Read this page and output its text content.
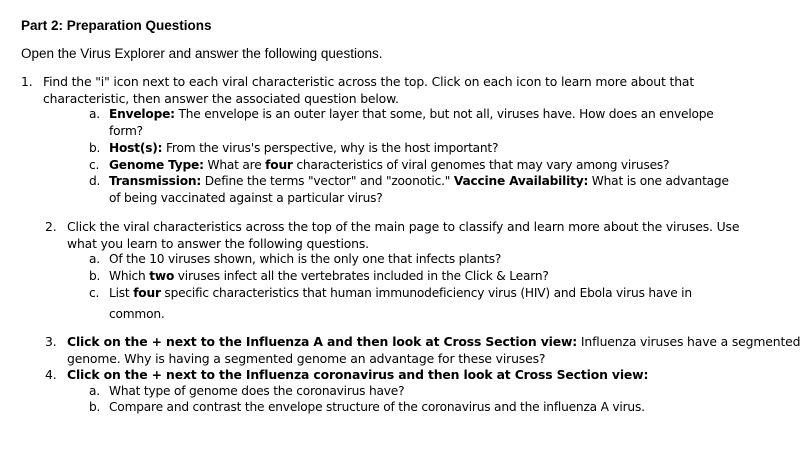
Part 2: Preparation Questions
Open the Virus Explorer and answer the following questions.
1. Find the "i" icon next to each viral characteristic across the top. Click on each icon to learn more about that
characteristic, then answer the associated question below.
a. Envelope: The envelope is an outer layer that some, but not all, viruses have. How does an envelope
form?
b. Host(s): From the virus's perspective, why is the host important?
c. Genome Type: What are four characteristics of viral genomes that may vary among viruses?
d. Transmission: Define the terms "vector" and "zoonotic." Vaccine Availability: What is one advantage
of being vaccinated against a particular virus?
2. Click the viral characteristics across the top of the main page to classify and learn more about the viruses. Use
what you learn to answer the following questions.
a. Of the 10 viruses shown, which is the only one that infects plants?
b. Which two viruses infect all the vertebrates included in the Click & Learn?
c. List four specific characteristics that human immunodeficiency virus (HIV) and Ebola virus have in
common.
3. Click on the + next to the Influenza A and then look at Cross Section view: Influenza viruses have a segmented
genome. Why is having a segmented genome an advantage for these viruses?
4. Click on the + next to the Influenza coronavirus and then look at Cross Section view:
a. What type of genome does the coronavirus have?
b. Compare and contrast the envelope structure of the coronavirus and the influenza A virus.
